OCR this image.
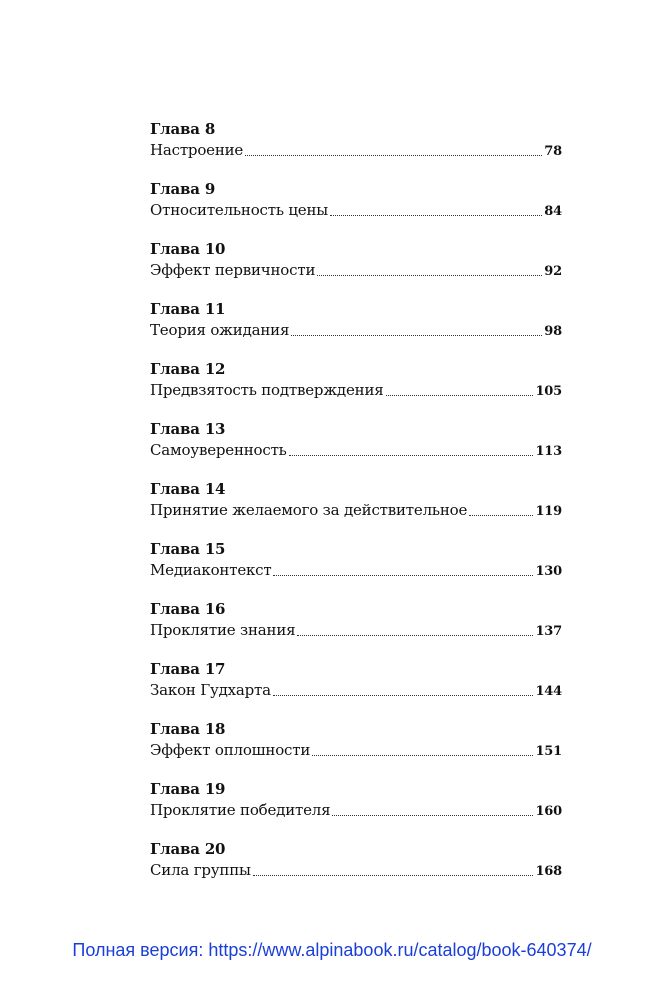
Глава 8
Настроение	78
Глава 9
Относительность цены	84
Глава 10
Эффект первичности	92
Глава 11
Теория ожидания	98
Глава 12
Предвзятость подтверждения	105
Глава 13
Самоуверенность	113
Глава 14
Принятие желаемого за действительное	119
Глава 15
Медиаконтекст	130
Глава 16
Проклятие знания	137
Глава 17
Закон Гудхарта	144
Глава 18
Эффект оплошности	151
Глава 19
Проклятие победителя	160
Глава 20
Сила группы	168
Полная версия: https://www.alpinabook.ru/catalog/book-640374/
